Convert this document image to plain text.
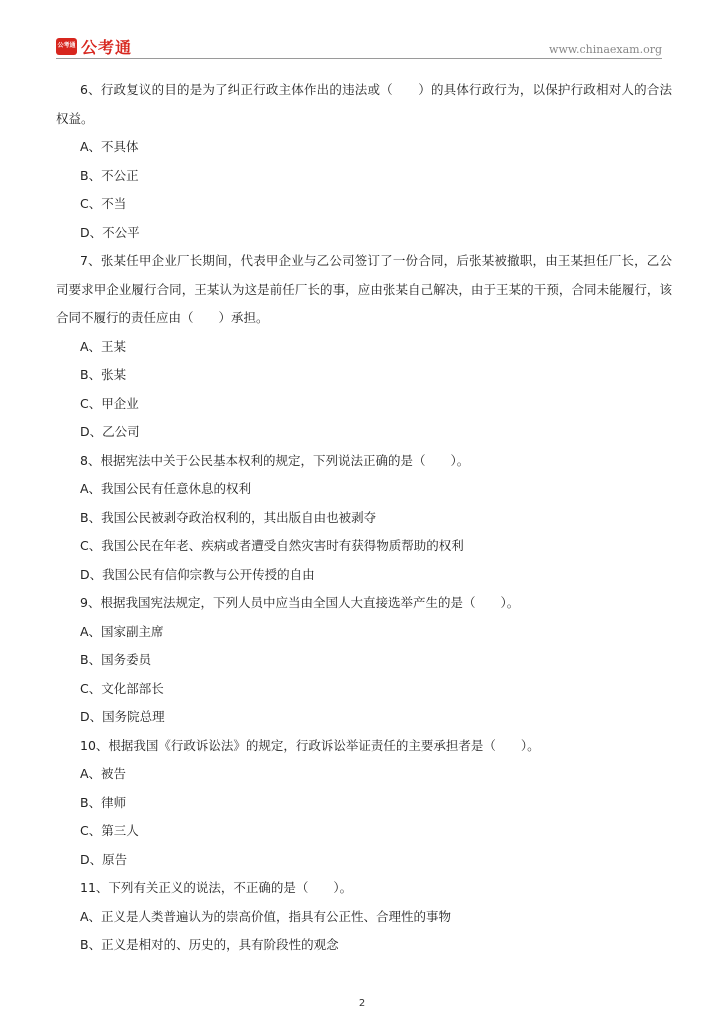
公考通 公考通	www.chinaexam.org
6、行政复议的目的是为了纠正行政主体作出的违法或（　　）的具体行政行为，以保护行政相对人的合法权益。
A、不具体
B、不公正
C、不当
D、不公平
7、张某任甲企业厂长期间，代表甲企业与乙公司签订了一份合同，后张某被撤职，由王某担任厂长，乙公司要求甲企业履行合同，王某认为这是前任厂长的事，应由张某自己解决，由于王某的干预，合同未能履行，该合同不履行的责任应由（　　）承担。
A、王某
B、张某
C、甲企业
D、乙公司
8、根据宪法中关于公民基本权利的规定，下列说法正确的是（　　）。
A、我国公民有任意休息的权利
B、我国公民被剥夺政治权利的，其出版自由也被剥夺
C、我国公民在年老、疾病或者遭受自然灾害时有获得物质帮助的权利
D、我国公民有信仰宗教与公开传授的自由
9、根据我国宪法规定，下列人员中应当由全国人大直接选举产生的是（　　）。
A、国家副主席
B、国务委员
C、文化部部长
D、国务院总理
10、根据我国《行政诉讼法》的规定，行政诉讼举证责任的主要承担者是（　　）。
A、被告
B、律师
C、第三人
D、原告
11、下列有关正义的说法，不正确的是（　　）。
A、正义是人类普遍认为的崇高价值，指具有公正性、合理性的事物
B、正义是相对的、历史的，具有阶段性的观念
2
